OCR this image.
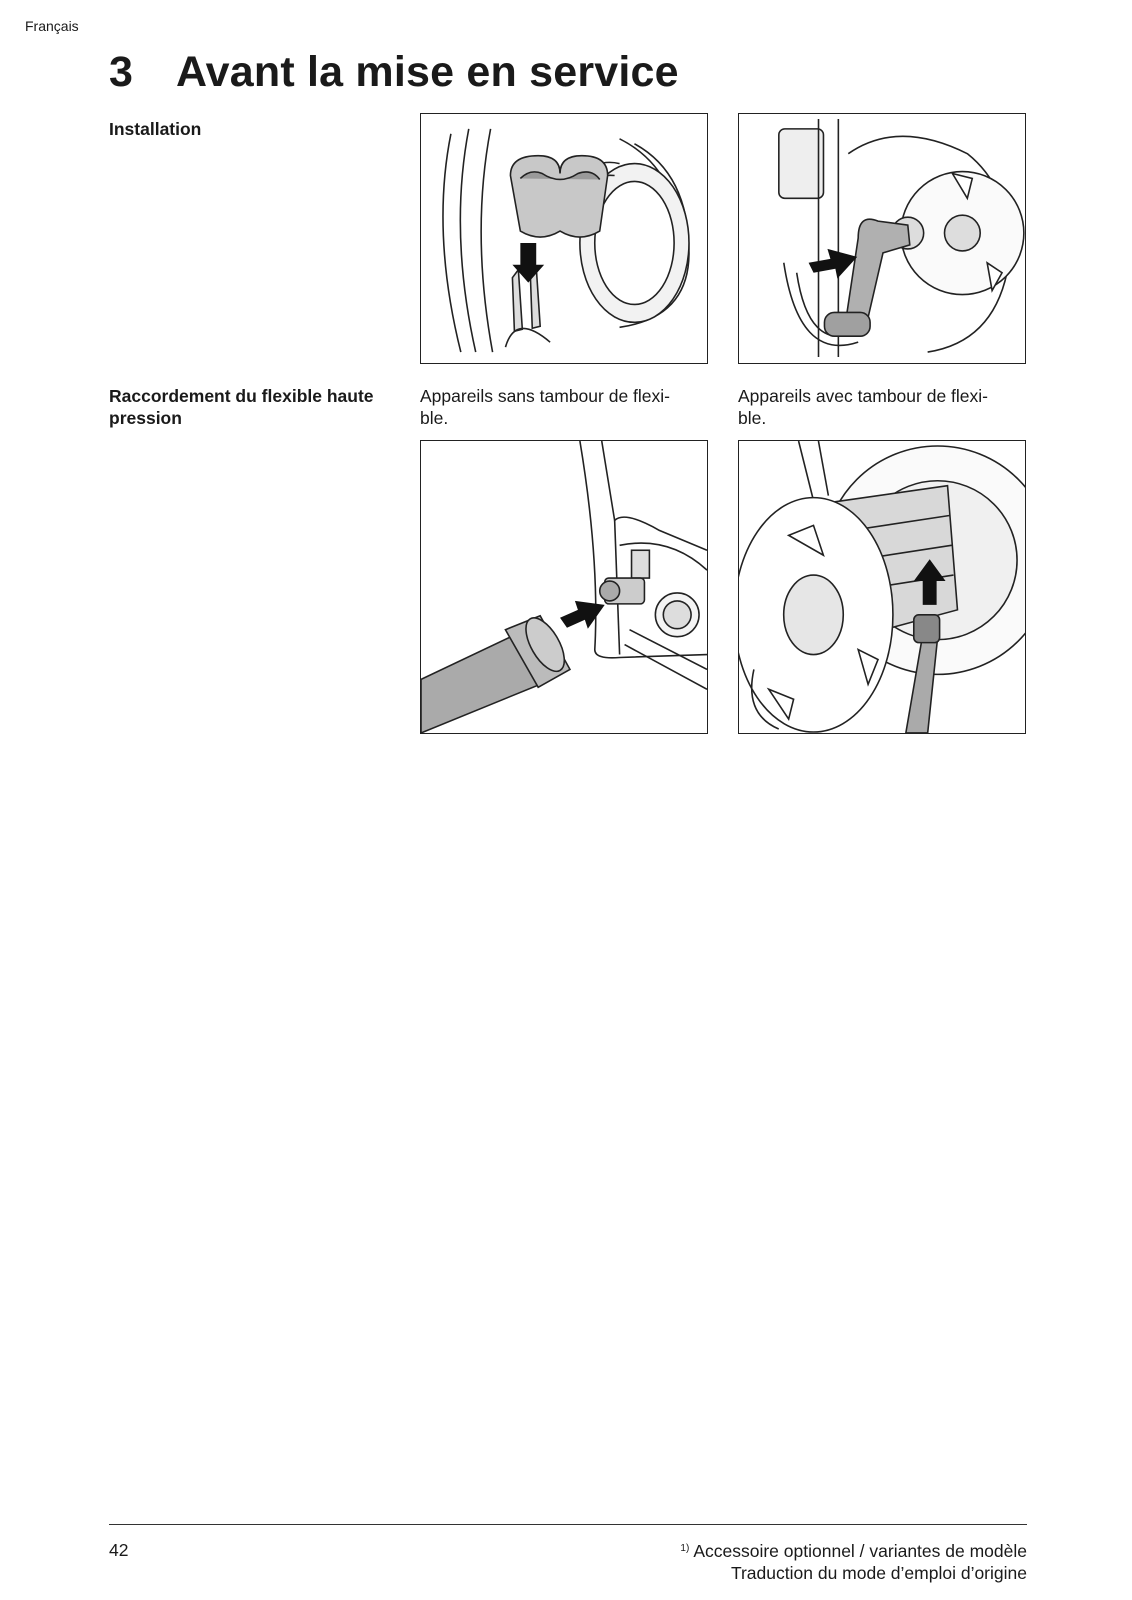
Français
3 Avant la mise en service
Installation
Raccordement du flexible haute pression
Appareils sans tambour de flexi- ble.
Appareils avec tambour de flexi- ble.
42	$^{1)}$ Accessoire optionnel / variantes de modèle
Traduction du mode d’emploi d’origine
